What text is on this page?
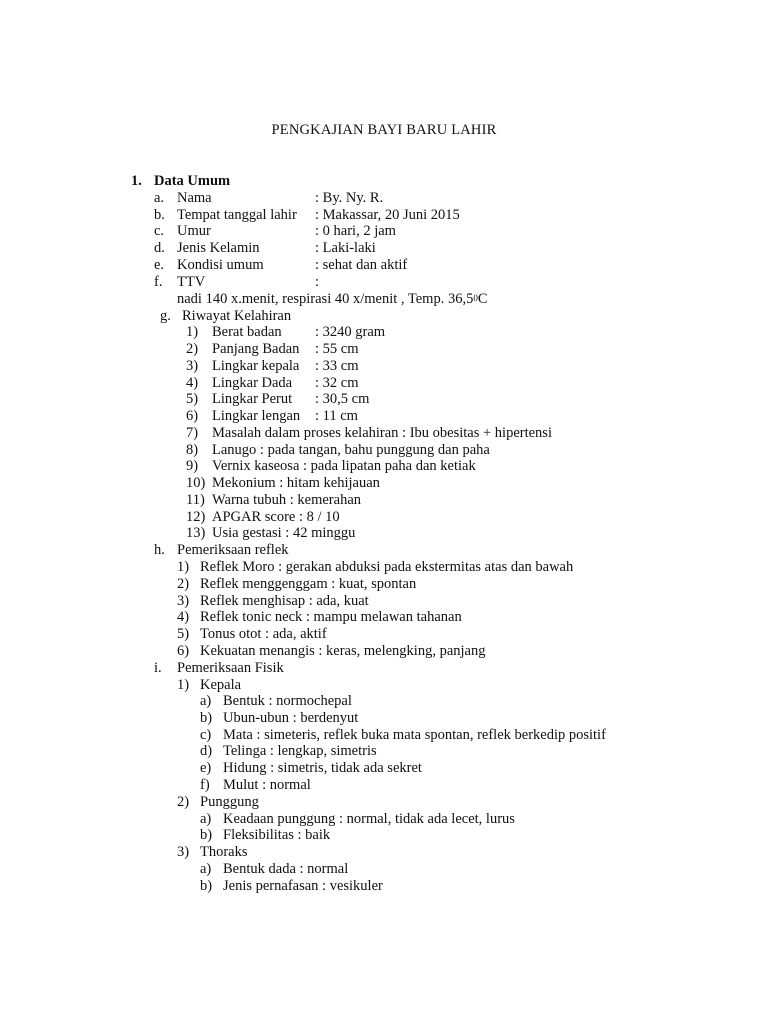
PENGKAJIAN BAYI BARU LAHIR
1. Data Umum
a. Nama	: By. Ny. R.
b. Tempat tanggal lahir : Makassar, 20 Juni 2015
c. Umur	: 0 hari, 2 jam
d. Jenis Kelamin	: Laki-laki
e. Kondisi umum	: sehat dan aktif
f. TTV	:
nadi 140 x.menit, respirasi 40 x/menit , Temp. 36,5$^0$C
g. Riwayat Kelahiran
1) Berat badan : 3240 gram
2) Panjang Badan : 55 cm
3) Lingkar kepala : 33 cm
4) Lingkar Dada : 32 cm
5) Lingkar Perut : 30,5 cm
6) Lingkar lengan : 11 cm
7) Masalah dalam proses kelahiran : Ibu obesitas + hipertensi
8) Lanugo : pada tangan, bahu punggung dan paha
9) Vernix kaseosa : pada lipatan paha dan ketiak
10) Mekonium : hitam kehijauan
11) Warna tubuh : kemerahan
12) APGAR score : 8 / 10
13) Usia gestasi : 42 minggu
h. Pemeriksaan reflek
1) Reflek Moro : gerakan abduksi pada ekstermitas atas dan bawah
2) Reflek menggenggam : kuat, spontan
3) Reflek menghisap : ada, kuat
4) Reflek tonic neck : mampu melawan tahanan
5) Tonus otot : ada, aktif
6) Kekuatan menangis : keras, melengking, panjang
i. Pemeriksaan Fisik
1) Kepala
a) Bentuk : normochepal
b) Ubun-ubun : berdenyut
c) Mata : simeteris, reflek buka mata spontan, reflek berkedip positif
d) Telinga : lengkap, simetris
e) Hidung : simetris, tidak ada sekret
f) Mulut : normal
2) Punggung
a) Keadaan punggung : normal, tidak ada lecet, lurus
b) Fleksibilitas : baik
3) Thoraks
a) Bentuk dada : normal
b) Jenis pernafasan : vesikuler
